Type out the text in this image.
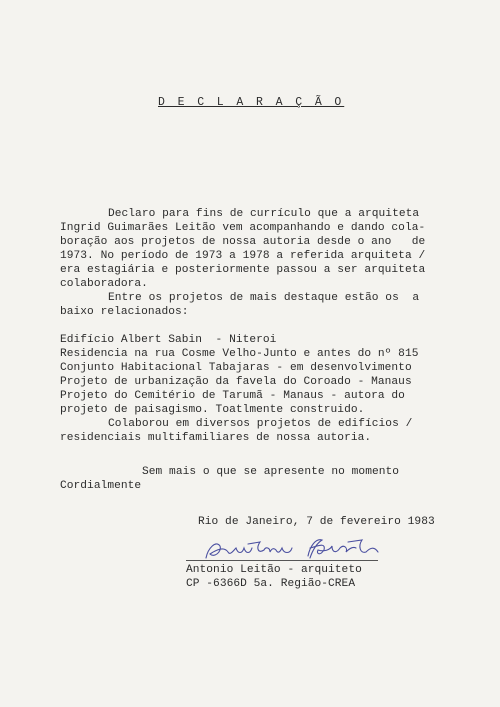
D E C L A R A Ç Ã O
Declaro para fins de currículo que a arquiteta
Ingrid Guimarães Leitão vem acompanhando e dando cola-
boração aos projetos de nossa autoria desde o ano   de
1973. No período de 1973 a 1978 a referida arquiteta /
era estagiária e posteriormente passou a ser arquiteta
colaboradora.
Entre os projetos de mais destaque estão os  a
baixo relacionados:
Edifício Albert Sabin  - Niteroi
Residencia na rua Cosme Velho-Junto e antes do nº 815
Conjunto Habitacional Tabajaras - em desenvolvimento
Projeto de urbanização da favela do Coroado - Manaus
Projeto do Cemitério de Tarumã - Manaus - autora do
projeto de paisagismo. Toatlmente construido.
Colaborou em diversos projetos de edifícios /
residenciais multifamiliares de nossa autoria.
Sem mais o que se apresente no momento
Cordialmente
Rio de Janeiro, 7 de fevereiro 1983
Antonio Leitão - arquiteto
CP -6366D 5a. Região-CREA
